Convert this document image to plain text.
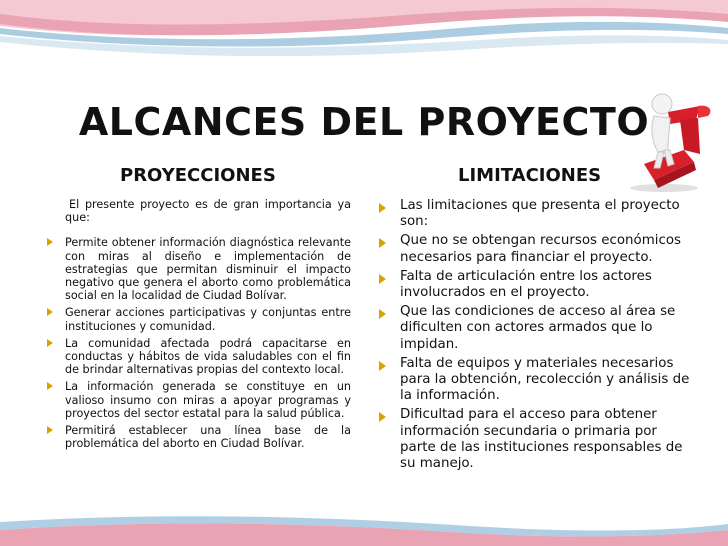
ALCANCES DEL PROYECTO
PROYECCIONES	LIMITACIONES

El presente proyecto es de gran importancia ya que:

Permite obtener información diagnóstica relevante con miras al diseño e implementación de estrategias que permitan disminuir el impacto negativo que genera el aborto como problemática social en la localidad de Ciudad Bolívar.
Generar acciones participativas y conjuntas entre instituciones y comunidad.
La comunidad afectada podrá capacitarse en conductas y hábitos de vida saludables con el fin de brindar alternativas propias del contexto local.
La información generada se constituye en un valioso insumo con miras a apoyar programas y proyectos del sector estatal para la salud pública.
Permitirá establecer una línea base de la problemática del aborto en Ciudad Bolívar.
Las limitaciones que presenta el proyecto son:
Que no se obtengan recursos económicos necesarios para financiar el proyecto.
Falta de articulación entre los actores involucrados en el proyecto.
Que las condiciones de acceso al área se dificulten con actores armados que lo impidan.
Falta de equipos y materiales necesarios para la obtención, recolección y análisis de la información.
Dificultad para el acceso para obtener información secundaria o primaria por parte de las instituciones responsables de su manejo.
